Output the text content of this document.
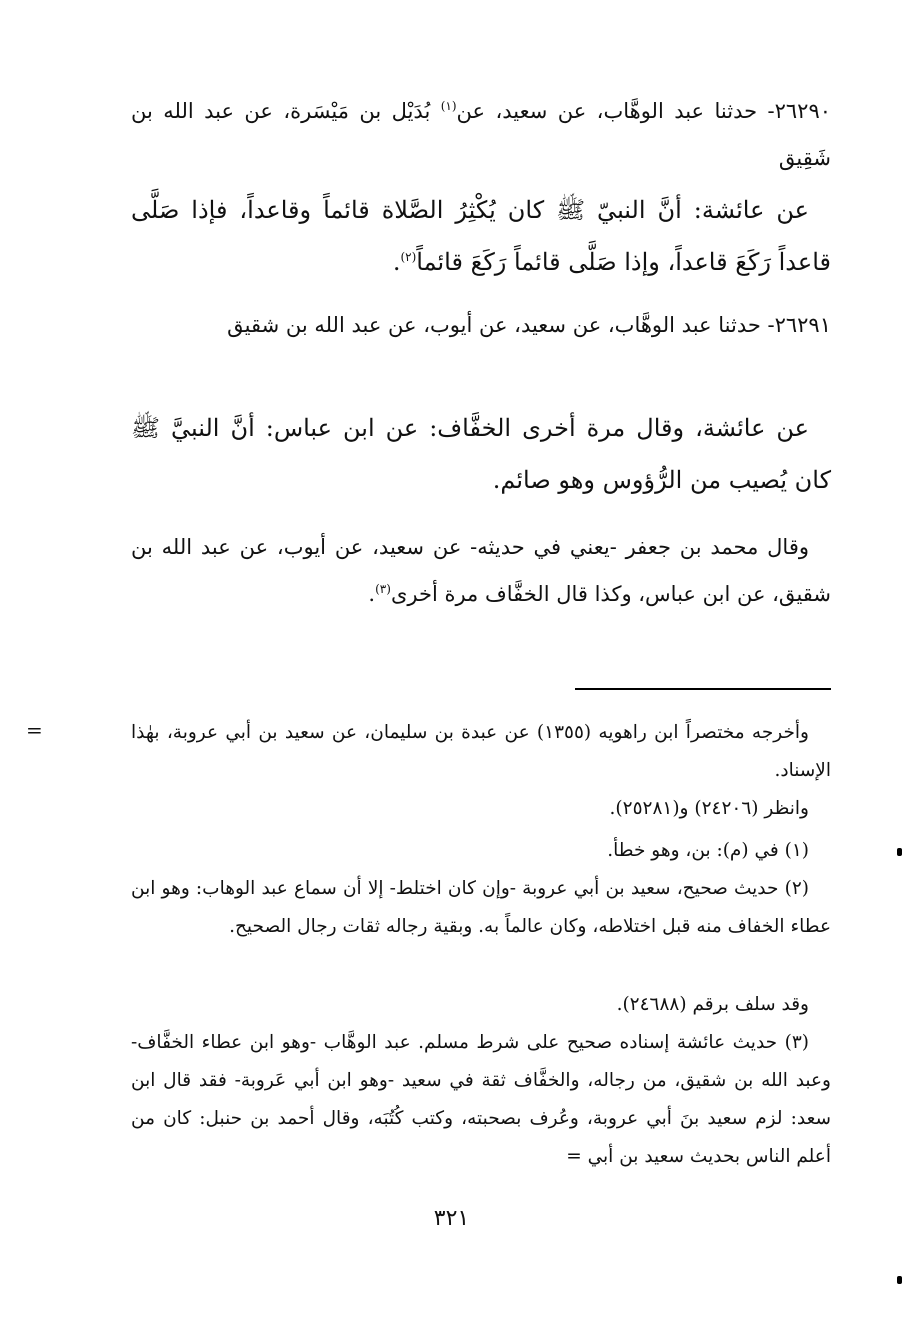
٢٦٢٩٠- حدثنا عبد الوهَّاب، عن سعيد، عن$^{(١)}$ بُدَيْل بن مَيْسَرة، عن عبد الله بن شَقِيق

عن عائشة: أنَّ النبيّ ﷺ كان يُكْثِرُ الصَّلاة قائماً وقاعداً، فإذا صَلَّى قاعداً رَكَعَ قاعداً، وإذا صَلَّى قائماً رَكَعَ قائماً$^{(٢)}$.

٢٦٢٩١- حدثنا عبد الوهَّاب، عن سعيد، عن أيوب، عن عبد الله بن شقيق

عن عائشة، وقال مرة أخرى الخفَّاف: عن ابن عباس: أنَّ النبيَّ ﷺ كان يُصيب من الرُّؤوس وهو صائم.

وقال محمد بن جعفر -يعني في حديثه- عن سعيد، عن أيوب، عن عبد الله بن شقيق، عن ابن عباس، وكذا قال الخفَّاف مرة أخرى$^{(٣)}$.

=	وأخرجه مختصراً ابن راهويه (١٣٥٥) عن عبدة بن سليمان، عن سعيد بن أبي عروبة، بهٰذا الإسناد.

وانظر (٢٤٢٠٦) و(٢٥٢٨١).

(١) في (م): بن، وهو خطأ.

(٢) حديث صحيح، سعيد بن أبي عروبة -وإن كان اختلط- إلا أن سماع عبد الوهاب: وهو ابن عطاء الخفاف منه قبل اختلاطه، وكان عالماً به. وبقية رجاله ثقات رجال الصحيح.

وقد سلف برقم (٢٤٦٨٨).

(٣) حديث عائشة إسناده صحيح على شرط مسلم. عبد الوهَّاب -وهو ابن عطاء الخفَّاف- وعبد الله بن شقيق، من رجاله، والخفَّاف ثقة في سعيد -وهو ابن أبي عَروبة- فقد قال ابن سعد: لزم سعيد بنَ أبي عروبة، وعُرف بصحبته، وكتب كُتُبَه، وقال أحمد بن حنبل: كان من أعلم الناس بحديث سعيد بن أبي =

٣٢١
